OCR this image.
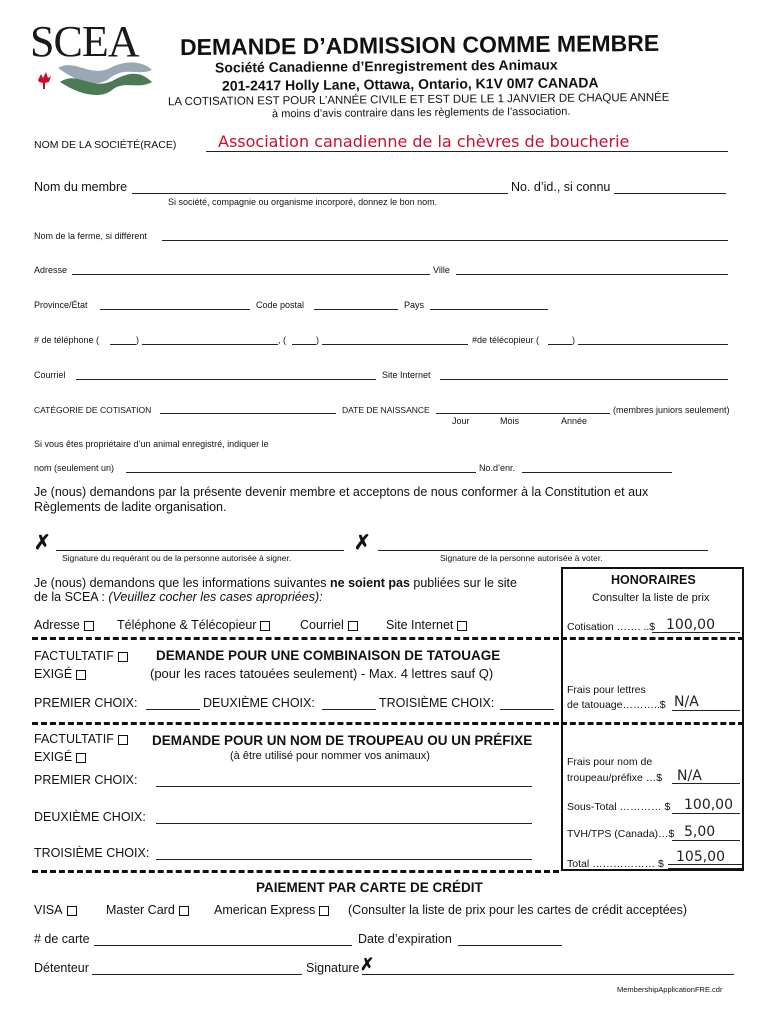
SCEA	DEMANDE D’ADMISSION COMME MEMBRE
Société Canadienne d’Enregistrement des Animaux
201-2417 Holly Lane, Ottawa, Ontario, K1V 0M7 CANADA
LA COTISATION EST POUR L’ANNÉE CIVILE ET EST DUE LE 1 JANVIER DE CHAQUE ANNÉE
à moins d’avis contraire dans les règlements de l’association.
NOM DE LA SOCIÉTÉ(RACE)	Association canadienne de la chèvres de boucherie
Nom du membre	No. d’id., si connu
Si société, compagnie ou organisme incorporé, donnez le bon nom.
Nom de la ferme, si différent
Adresse	Ville
Province/État	Code postal	Pays
# de téléphone (	)	, (	)	#de télécopieur (	)
Courriel	Site Internet
CATÉGORIE DE COTISATION	DATE DE NAISSANCE	(membres juniors seulement)
Jour	Mois	Année
Si vous êtes propriétaire d’un animal enregistré, indiquer le
nom (seulement un)	No.d’enr.
Je (nous) demandons par la présente devenir membre et acceptons de nous conformer à la Constitution et aux
Règlements de ladite organisation.
✗
Signature du requérant ou de la personne autorisée à signer.
✗
Signature de la personne autorisée à voter.
Je (nous) demandons que les informations suivantes ne soient pas publiées sur le site
de la SCEA : (Veuillez cocher les cases apropriées):
Adresse	Téléphone & Télécopieur	Courriel	Site Internet
FACTULTATIF
EXIGÉ
DEMANDE POUR UNE COMBINAISON DE TATOUAGE
(pour les races tatouées seulement) - Max. 4 lettres sauf Q)
PREMIER CHOIX:	DEUXIÈME CHOIX:	TROISIÈME CHOIX:
FACTULTATIF
EXIGÉ
DEMANDE POUR UN NOM DE TROUPEAU OU UN PRÉFIXE
(à être utilisé pour nommer vos animaux)
PREMIER CHOIX:
DEUXIÈME CHOIX:
TROISIÈME CHOIX:
HONORAIRES
Consulter la liste de prix
Cotisation ……. ..$ 100,00
Frais pour lettres
de tatouage………..$ N/A
Frais pour nom de
troupeau/préfixe …$ N/A
Sous-Total ………… $ 100,00
TVH/TPS (Canada)…$ 5,00
Total ……………… $ 105,00
PAIEMENT PAR CARTE DE CRÉDIT
VISA	Master Card	American Express	(Consulter la liste de prix pour les cartes de crédit acceptées)
# de carte	Date d’expiration
Détenteur	Signature ✗
MembershipApplicationFRE.cdr
